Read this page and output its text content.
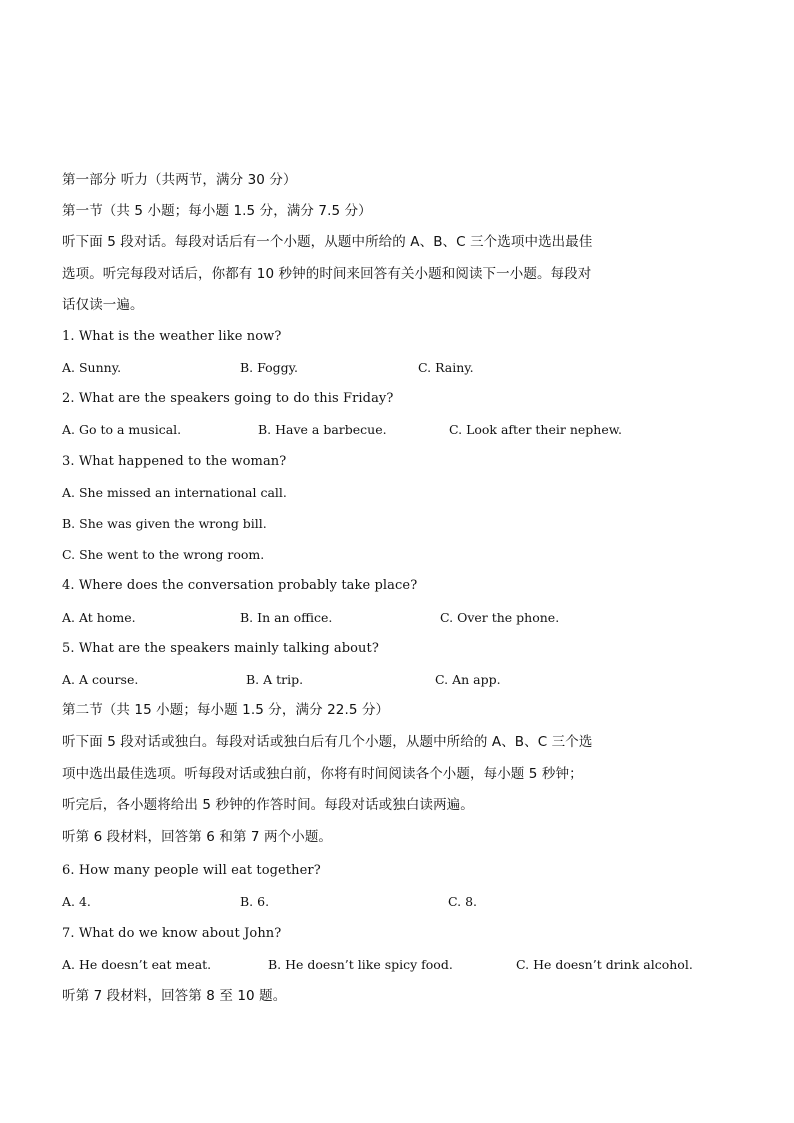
第一部分 听力（共两节，满分 30 分）
第一节（共 5 小题；每小题 1.5 分，满分 7.5 分）
听下面 5 段对话。每段对话后有一个小题，从题中所给的 A、B、C 三个选项中选出最佳
选项。听完每段对话后，你都有 10 秒钟的时间来回答有关小题和阅读下一小题。每段对
话仅读一遍。
1. What is the weather like now?
A. Sunny.	B. Foggy.	C. Rainy.
2. What are the speakers going to do this Friday?
A. Go to a musical.	B. Have a barbecue.	C. Look after their nephew.
3. What happened to the woman?
A. She missed an international call.
B. She was given the wrong bill.
C. She went to the wrong room.
4. Where does the conversation probably take place?
A. At home.	B. In an office.	C. Over the phone.
5. What are the speakers mainly talking about?
A. A course.	B. A trip.	C. An app.
第二节（共 15 小题；每小题 1.5 分，满分 22.5 分）
听下面 5 段对话或独白。每段对话或独白后有几个小题，从题中所给的 A、B、C 三个选
项中选出最佳选项。听每段对话或独白前，你将有时间阅读各个小题，每小题 5 秒钟；
听完后，各小题将给出 5 秒钟的作答时间。每段对话或独白读两遍。
听第 6 段材料，回答第 6 和第 7 两个小题。
6. How many people will eat together?
A. 4.	B. 6.	C. 8.
7. What do we know about John?
A. He doesn’t eat meat.	B. He doesn’t like spicy food.	C. He doesn’t drink alcohol.
听第 7 段材料，回答第 8 至 10 题。
